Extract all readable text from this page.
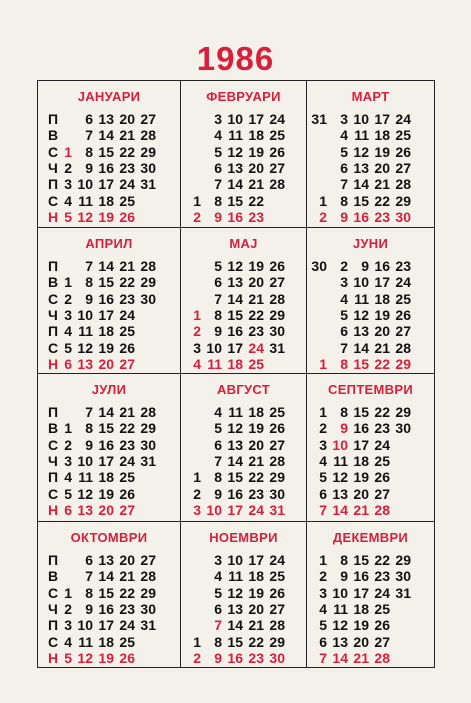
1986
ЈАНУАРИ
П	6 13 20 27
В	7 14 21 28
С 1 8 15 22 29
Ч 2 9 16 23 30
П 3 10 17 24 31
С 4 11 18 25
Н 5 12 19 26
ФЕВРУАРИ
3 10 17 24
4 11 18 25
5 12 19 26
6 13 20 27
7 14 21 28
1 8 15 22
2 9 16 23
МАРТ
31 3 10 17 24
4 11 18 25
5 12 19 26
6 13 20 27
7 14 21 28
1 8 15 22 29
2 9 16 23 30
АПРИЛ
П	7 14 21 28
В 1 8 15 22 29
С 2 9 16 23 30
Ч 3 10 17 24
П 4 11 18 25
С 5 12 19 26
Н 6 13 20 27
МАЈ
5 12 19 26
6 13 20 27
7 14 21 28
1 8 15 22 29
2 9 16 23 30
3 10 17 24 31
4 11 18 25
ЈУНИ
30 2 9 16 23
3 10 17 24
4 11 18 25
5 12 19 26
6 13 20 27
7 14 21 28
1 8 15 22 29
ЈУЛИ
П	7 14 21 28
В 1 8 15 22 29
С 2 9 16 23 30
Ч 3 10 17 24 31
П 4 11 18 25
С 5 12 19 26
Н 6 13 20 27
АВГУСТ
4 11 18 25
5 12 19 26
6 13 20 27
7 14 21 28
1 8 15 22 29
2 9 16 23 30
3 10 17 24 31
СЕПТЕМВРИ
1 8 15 22 29
2 9 16 23 30
3 10 17 24
4 11 18 25
5 12 19 26
6 13 20 27
7 14 21 28
ОКТОМВРИ
П	6 13 20 27
В	7 14 21 28
С 1 8 15 22 29
Ч 2 9 16 23 30
П 3 10 17 24 31
С 4 11 18 25
Н 5 12 19 26
НОЕМВРИ
3 10 17 24
4 11 18 25
5 12 19 26
6 13 20 27
7 14 21 28
1 8 15 22 29
2 9 16 23 30
ДЕКЕМВРИ
1 8 15 22 29
2 9 16 23 30
3 10 17 24 31
4 11 18 25
5 12 19 26
6 13 20 27
7 14 21 28
